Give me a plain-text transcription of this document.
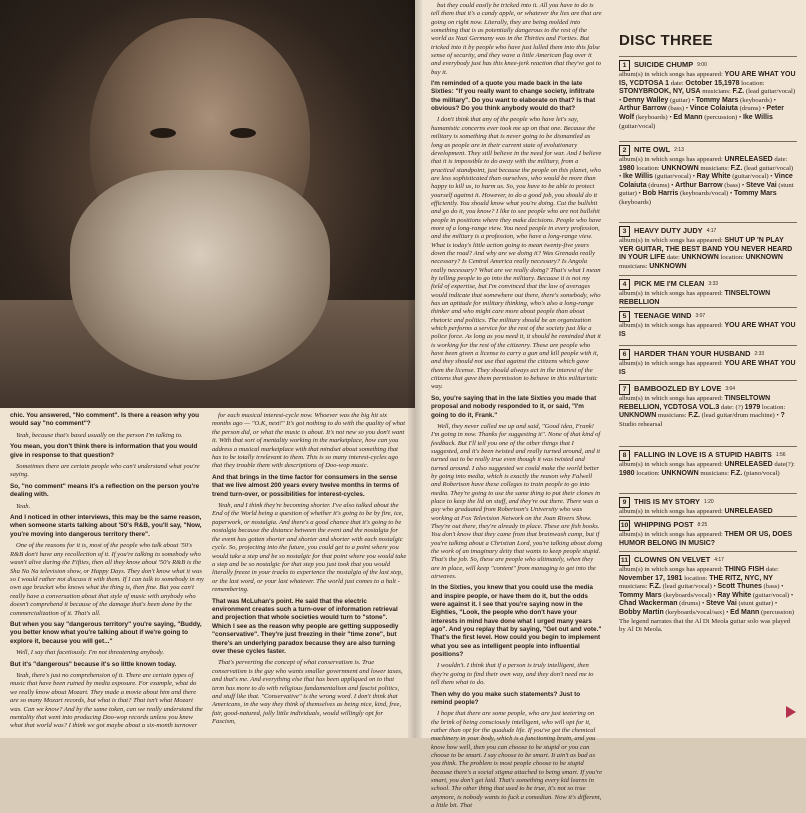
chic. You answered, "No comment". Is there a reason why you would say "no comment"?

Yeah, because that's based usually on the person I'm talking to.

You mean, you don't think there is information that you would give in response to that question?

Sometimes there are certain people who can't understand what you're saying.

So, "no comment" means it's a reflection on the person you're dealing with.

Yeah.

And I noticed in other interviews, this may be the same reason, when someone starts talking about '50's R&B, you'll say, "Now, you're moving into dangerous territory there".

One of the reasons for it is, most of the people who talk about '50's R&B don't have any recollection of it. If you're talking to somebody who wasn't alive during the Fifties, then all they know about '50's R&B is the Sha Na Na television show, or Happy Days. They don't know what it was so I would rather not discuss it with them. If I can talk to somebody in my own age bracket who knows what the thing is, then fine. But you can't really have a conversation about that style of music with anybody who doesn't comprehend it because of the damage that's been done by the commercialization of it. That's all.

But when you say "dangerous territory" you're saying, "Buddy, you better know what you're talking about if we're going to explore it, because you will get..."

Well, I say that facetiously. I'm not threatening anybody.

But it's "dangerous" because it's so little known today.

Yeah, there's just no comprehension of it. There are certain types of music that have been ruined by media exposure. For example, what do we really know about Mozart. They made a movie about him and there are so many Mozart records, but what is that? That isn't what Mozart was. Can we know? And by the same token, can we really understand the mentality that went into producing Doo-wop records unless you knew what that world was? I think we got maybe about a six-month turnover

for each musical interest-cycle now. Whoever was the big hit six months ago — "O.K, next!" It's got nothing to do with the quality of what the person did, or what the music is about. It's not new so you don't want it. With that sort of mentality working in the marketplace, how can you address a musical marketplace with that mindset about something that has to be totally irrelevant to them. This is so many interest-cycles ago that they trouble them with descriptions of Doo-wop music.

And that brings in the time factor for consumers in the sense that we live almost 200 years every twelve months in terms of trend turn-over, or possibilities for interest-cycles.

Yeah, and I think they're becoming shorter. I've also talked about the End of the World being a question of whether it's going to be by fire, ice, paperwork, or nostalgia. And there's a good chance that it's going to be nostalgia because the distance between the event and the nostalgia for the event has gotten shorter and shorter and shorter with each nostalgic cycle. So, projecting into the future, you could get to a point where you would take a step and be so nostalgic for that point where you would take a step and be so nostalgic for that step you just took that you would literally freeze in your tracks to experience the nostalgia of the last step, or the last word, or your last whatever. The world just comes to a halt - remembering.

That was McLuhan's point. He said that the electric environment creates such a turn-over of information retrieval and projection that whole societies would turn to "stone". Which I see as the reason why people are getting supposedly "conservative". They're just freezing in their "time zone", but there's an underlying paradox because they are also turning over these cycles faster.

That's perverting the concept of what conservatism is. True conservatism is the guy who wants smaller government and lower taxes, and that's me. And everything else that has been appliqued on to that term has more to do with religious fundamentalism and fascist politics, and stuff like that. "Conservative" is the wrong word. I don't think that Americans, in the way they think of themselves as being nice, kind, free, fair, good-natured, jolly little individuals, would willingly opt for Fascism,

but they could easily be tricked into it. All you have to do is tell them that it's a candy apple, or whatever the lies are that are going on right now. Literally, they are being molded into something that is as potentially dangerous to the rest of the world as Nazi Germany was in the Thirties and Forties. But tricked into it by people who have just lulled them into this false sense of security, and they wave a little American flag over it and everybody just has this knee-jerk reaction that they've got to buy it.

I'm reminded of a quote you made back in the late Sixties: "If you really want to change society, infiltrate the military". Do you want to elaborate on that? Is that obvious? Do you think anybody would do that?

I don't think that any of the people who have let's say, humanistic concerns ever took me up on that one. Because the military is something that is never going to be dismantled as long as people are in their current state of evolutionary development. They still believe in the need for war. And I believe that it is impossible to do away with the military, from a practical standpoint, just because the people on this planet, who are less sophisticated than ourselves, who would be more than happy to kill us, to harm us. So, you have to be able to protect yourself against it. However, to do a good job, you should do it efficiently. You should know what you're doing. Cut the bullshit and go do it, you know? I like to see people who are not bullshit people in positions where they make decisions. People who have more of a long-range view. You need people in every profession, and the military is a profession, who have a long-range view. What is today's little action going to mean twenty-five years down the road? And why are we doing it? Was Grenada really necessary? Is Central America really necessary? Is Angola really necessary? What are we really doing? That's what I mean by telling people to go into the military. Because it is not my field of expertise, but I'm convinced that the law of averages would indicate that somewhere out there, there's somebody, who has an aptitude for military thinking, who's also a long-range thinker and who might care more about people than about rhetoric and politics. The military should be an organization which performs a service for the rest of the society just like a police force. As long as you need it, it should be reminded that it is working for the rest of the citizenry. These are people who have been given a license to carry a gun and kill people with it, and they should not use that against the citizens which gave them the license. They should always act in the interest of the citizens that gave them permission to behave in this militaristic way.

So, you're saying that in the late Sixties you made that proposal and nobody responded to it, or said, "I'm going to do it, Frank."

Well, they never called me up and said, "Good idea, Frank! I'm going in now. Thanks for suggesting it". None of that kind of feedback. But I'll tell you one of the other things that I suggested, and it's been twisted and really turned around, and it turned out to be really true even though it was twisted and turned around. I also suggested we could make the world better by going into media, which is exactly the reason why Falwell and Robertson have these colleges to train people to go into media. They're going to use the same thing to put their clones in place to keep the lid on stuff, and they're out there. There was a guy who graduated from Robertson's University who was working at Fox Television Network on the Joan Rivers Show. They're out there, they're already in place. These are fish hooks. You don't know that they came from that brainwash camp, but if you're talking about a Christian Lord, you're talking about doing the work of an imaginary deity that wants to keep people stupid. That's the job. So, these are people who ultimately, when they are in place, will keep "content" from managing to get into the airwaves.

In the Sixties, you knew that you could use the media and inspire people, or have them do it, but the odds were against it. I see that you're saying now in the Eighties, "Look, the people who don't have your interests in mind have done what I urged many years ago". And you replay that by saying, "Get out and vote." That's the first level. How could you begin to implement what you see as intelligent people into influential positions?

I wouldn't. I think that if a person is truly intelligent, then they're going to find their own way, and they don't need me to tell them what to do.

Then why do you make such statements? Just to remind people?

I hope that there are some people, who are just teetering on the brink of being consciously intelligent, who will opt for it, rather than opt for the quadude life. If you've got the chemical machinery in your body, which is a functioning brain, and you know how well, then you can choose to be stupid or you can choose to be smart. I say choose to be smart. It ain't as bad as you think. The problem is most people choose to be stupid because there's a social stigma attached to being smart. If you're smart, you don't get laid. That's something every kid learns in school. The other thing that used to be true, it's not so true anymore, is nobody wants to fuck a comedian. Now it's different, a little bit. That

DISC THREE
1	SUICIDE CHUMP 9:00
album(s) in which songs has appeared: YOU ARE WHAT YOU IS, YCDTOSA 1 date: October 15,1978 location: STONYBROOK, NY, USA musicians: F.Z. (lead guitar/vocal) • Denny Walley (guitar) • Tommy Mars (keyboards) • Arthur Barrow (bass) • Vince Colaiuta (drums) • Peter Wolf (keyboards) • Ed Mann (percussion) • Ike Willis (guitar/vocal)
2	NITE OWL 2:13
album(s) in which songs has appeared: UNRELEASED date: 1980 location: UNKNOWN musicians: F.Z. (lead guitar/vocal) • Ike Willis (guitar/vocal) • Ray White (guitar/vocal) • Vince Colaiuta (drums) • Arthur Barrow (bass) • Steve Vai (stunt guitar) • Bob Harris (keyboards/vocal) • Tommy Mars (keyboards)
3	HEAVY DUTY JUDY 4:17
album(s) in which songs has appeared: SHUT UP 'N PLAY YER GUITAR, THE BEST BAND YOU NEVER HEARD IN YOUR LIFE date: UNKNOWN location: UNKNOWN musicians: UNKNOWN
4	PICK ME I'M CLEAN 3:33
album(s) in which songs has appeared: TINSELTOWN REBELLION
5	TEENAGE WIND 3:07
album(s) in which songs has appeared: YOU ARE WHAT YOU IS
6	HARDER THAN YOUR HUSBAND 2:33
album(s) in which songs has appeared: YOU ARE WHAT YOU IS
7	BAMBOOZLED BY LOVE 3:04
album(s) in which songs has appeared: TINSELTOWN REBELLION, YCDTOSA VOL.3 date: (?) 1979 location: UNKNOWN musicians: F.Z. (lead guitar/drum machine) • ? Studio rehearsal
8	FALLING IN LOVE IS A STUPID HABITS 1:56
album(s) in which songs has appeared: UNRELEASED date(?): 1980 location: UNKNOWN musicians: F.Z. (piano/vocal)
9	THIS IS MY STORY 1:20
album(s) in which songs has appeared: UNRELEASED
10 WHIPPING POST 8:25
album(s) in which songs has appeared: THEM OR US, DOES HUMOR BELONG IN MUSIC?
11 CLOWNS ON VELVET 4:17
album(s) in which songs has appeared: THING FISH date: November 17, 1981 location: THE RITZ, NYC, NY musicians: F.Z. (lead guitar/vocal) • Scott Thunes (bass) • Tommy Mars (keyboards/vocal) • Ray White (guitar/vocal) • Chad Wackerman (drums) • Steve Vai (stunt guitar) • Bobby Martin (keyboards/vocal/sax) • Ed Mann (percussion) The legend narrates that the Al Di Meola guitar solo was played by Al Di Meola.
